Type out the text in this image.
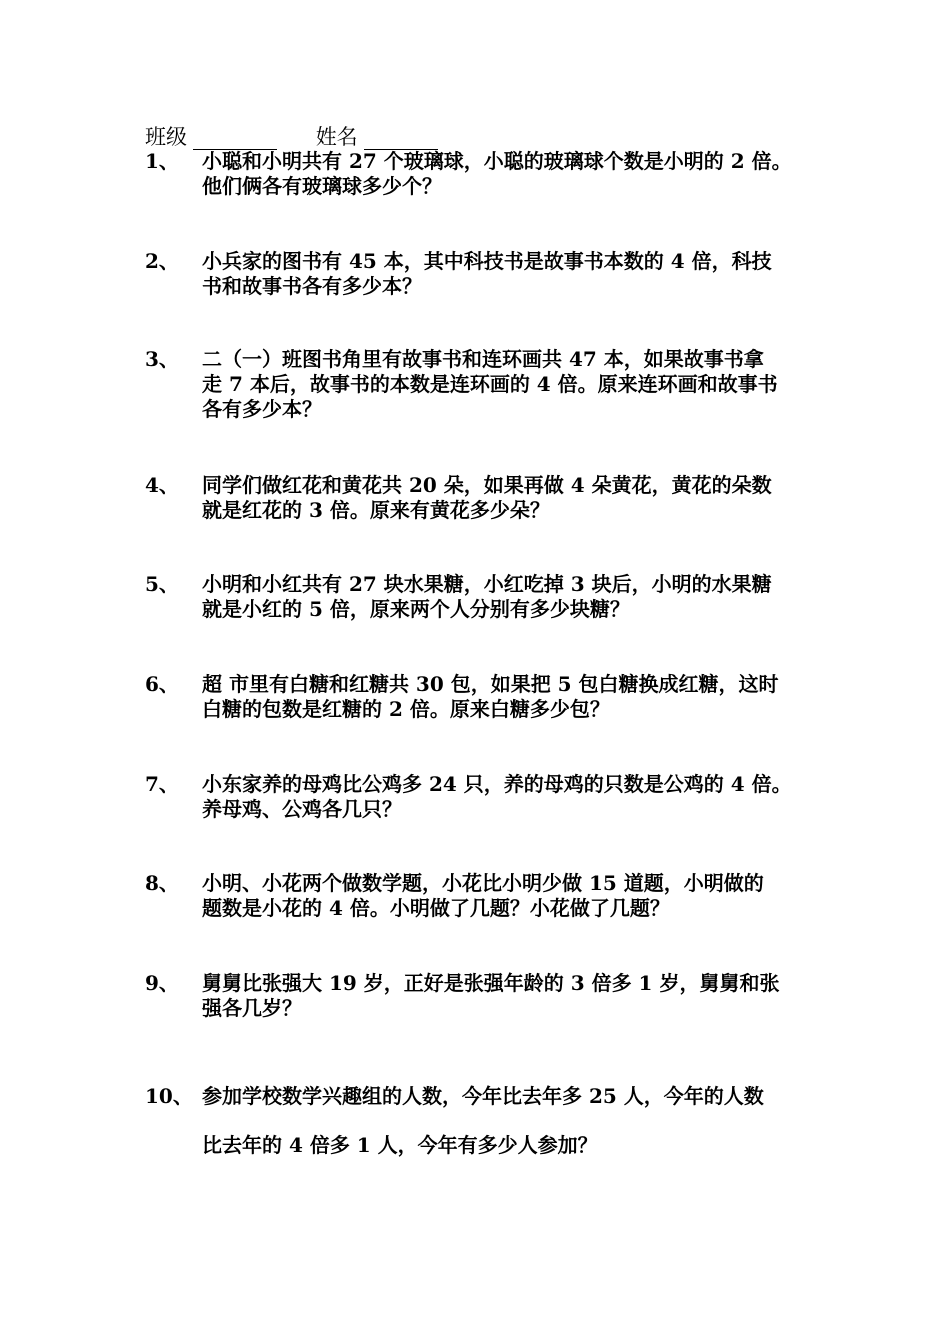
班级	姓名
1、 小聪和小明共有 27 个玻璃球，小聪的玻璃球个数是小明的 2 倍。
他们俩各有玻璃球多少个？
2、 小兵家的图书有 45 本，其中科技书是故事书本数的 4 倍，科技
书和故事书各有多少本？
3、 二（一）班图书角里有故事书和连环画共 47 本，如果故事书拿
走 7 本后，故事书的本数是连环画的 4 倍。原来连环画和故事书
各有多少本？
4、 同学们做红花和黄花共 20 朵，如果再做 4 朵黄花，黄花的朵数
就是红花的 3 倍。原来有黄花多少朵？
5、 小明和小红共有 27 块水果糖，小红吃掉 3 块后，小明的水果糖
就是小红的 5 倍，原来两个人分别有多少块糖？
6、 超 市里有白糖和红糖共 30 包，如果把 5 包白糖换成红糖，这时
白糖的包数是红糖的 2 倍。原来白糖多少包？
7、 小东家养的母鸡比公鸡多 24 只，养的母鸡的只数是公鸡的 4 倍。
养母鸡、公鸡各几只？
8、 小明、小花两个做数学题，小花比小明少做 15 道题，小明做的
题数是小花的 4 倍。小明做了几题？小花做了几题？
9、 舅舅比张强大 19 岁，正好是张强年龄的 3 倍多 1 岁，舅舅和张
强各几岁？
10、 参加学校数学兴趣组的人数，今年比去年多 25 人，今年的人数
比去年的 4 倍多 1 人，今年有多少人参加？
